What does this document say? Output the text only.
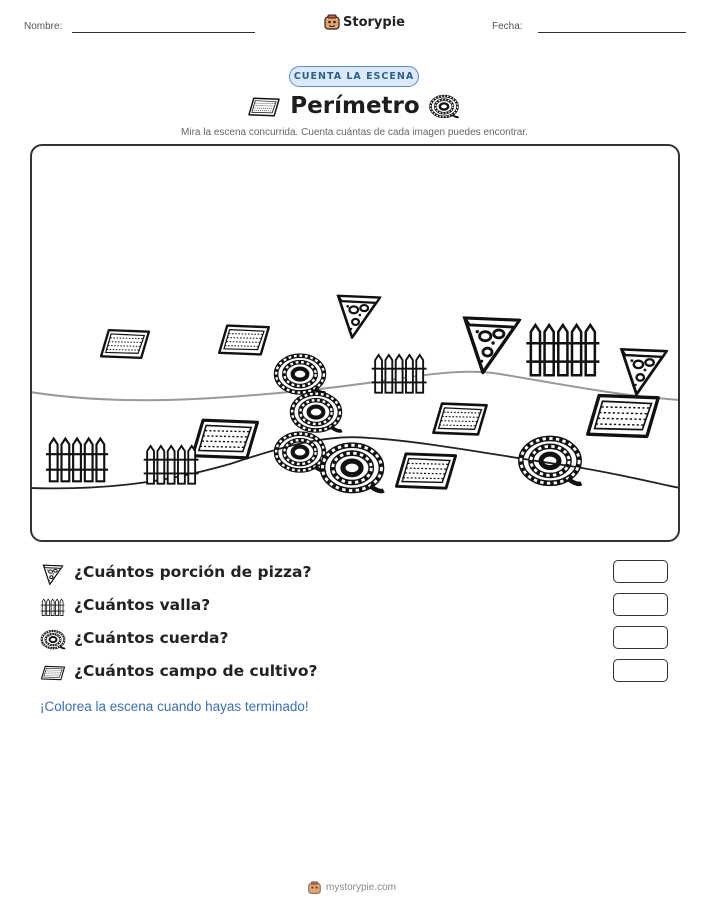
Nombre:	Storypie	Fecha:
CUENTA LA ESCENA
Perímetro
Mira la escena concurrida. Cuenta cuántas de cada imagen puedes encontrar.
¿Cuántos porción de pizza?
¿Cuántos valla?
¿Cuántos cuerda?
¿Cuántos campo de cultivo?
¡Colorea la escena cuando hayas terminado!
mystorypie.com
